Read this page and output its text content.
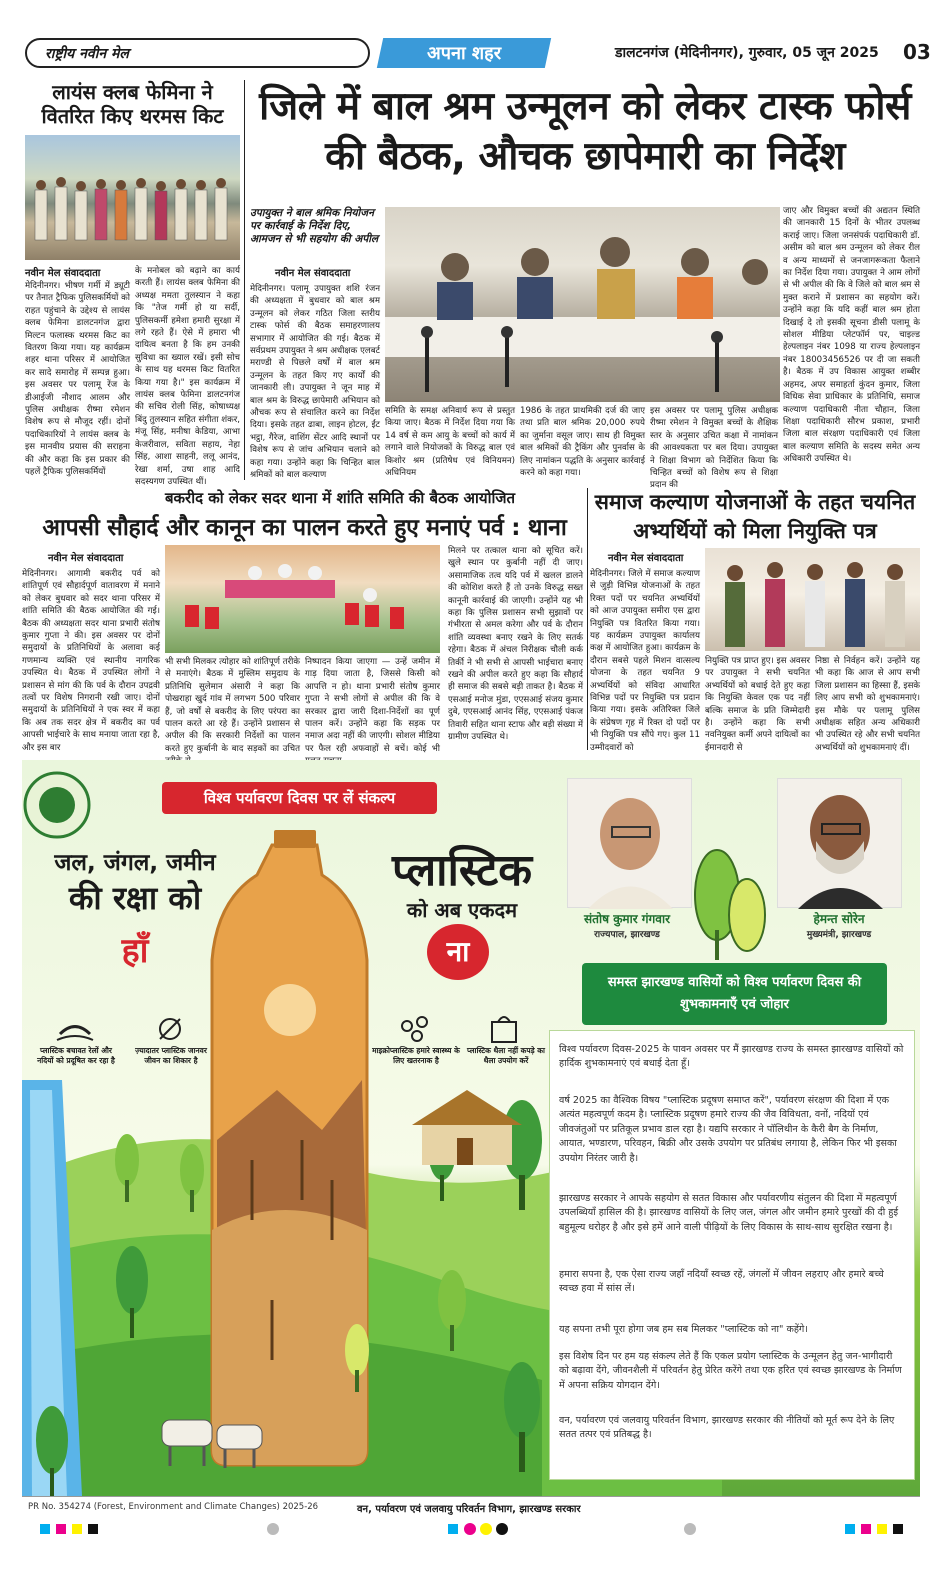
राष्ट्रीय नवीन मेल	अपना शहर	डालटनगंज (मेदिनीनगर), गुरुवार, 05 जून 2025 03
लायंस क्लब फेमिना ने वितरित किए थरमस किट
नवीन मेल संवाददाता
मेदिनीनगर। भीषण गर्मी में ड्यूटी पर तैनात ट्रैफिक पुलिसकर्मियों को राहत पहुंचाने के उद्देश्य से लायंस क्लब फेमिना डालटनगंज द्वारा मिल्टन फलास्क थरमस किट का वितरण किया गया। यह कार्यक्रम शहर थाना परिसर में आयोजित कर सादे समारोह में सम्पन्न हुआ। इस अवसर पर पलामू रेंज के डीआईजी नौशाद आलम और पुलिस अधीक्षक रीष्मा रमेशन विशेष रूप से मौजूद रहीं। दोनों पदाधिकारियों ने लायंस क्लब के इस मानवीय प्रयास की सराहना की और कहा कि इस प्रकार की पहलें ट्रैफिक पुलिसकर्मियों
के मनोबल को बढ़ाने का कार्य करती हैं। लायंस क्लब फेमिना की अध्यक्ष ममता तुलस्यान ने कहा कि "तेज गर्मी हो या सर्दी, पुलिसकर्मी हमेशा हमारी सुरक्षा में लगे रहते हैं। ऐसे में हमारा भी दायित्व बनता है कि हम उनकी सुविधा का ख्याल रखें। इसी सोच के साथ यह थरमस किट वितरित किया गया है।" इस कार्यक्रम में लायंस क्लब फेमिना डालटनगंज की सचिव रोली सिंह, कोषाध्यक्ष बिंदु तुलस्यान सहित संगीता शंकर, मंजू सिंह, मनीषा केडिया, आभा केजरीवाल, सविता सहाय, नेहा सिंह, आशा साहनी, ललू आनंद, रेखा शर्मा, उषा शाह आदि सदस्यगण उपस्थित थीं।
जिले में बाल श्रम उन्मूलन को लेकर टास्क फोर्स की बैठक, औचक छापेमारी का निर्देश
उपायुक्त ने बाल श्रमिक नियोजन पर कार्रवाई के निर्देश दिए, आमजन से भी सहयोग की अपील
नवीन मेल संवाददाता
मेदिनीनगर। पलामू उपायुक्त शशि रंजन की अध्यक्षता में बुधवार को बाल श्रम उन्मूलन को लेकर गठित जिला स्तरीय टास्क फोर्स की बैठक समाहरणालय सभागार में आयोजित की गई। बैठक में सर्वप्रथम उपायुक्त ने श्रम अधीक्षक एलबर्ट मराण्डी से पिछले वर्षों में बाल श्रम उन्मूलन के तहत किए गए कार्यों की जानकारी ली। उपायुक्त ने जून माह में बाल श्रम के विरुद्ध छापेमारी अभियान को औचक रूप से संचालित करने का निर्देश दिया। इसके तहत ढाबा, लाइन होटल, ईंट भट्ठा, गैरेज, वाशिंग सेंटर आदि स्थानों पर विशेष रूप से जांच अभियान चलाने को कहा गया। उन्होंने कहा कि चिन्हित बाल श्रमिकों को बाल कल्याण
समिति के समक्ष अनिवार्य रूप से प्रस्तुत किया जाए। बैठक में निर्देश दिया गया कि 14 वर्ष से कम आयु के बच्चों को कार्य में लगाने वाले नियोजकों के विरुद्ध बाल एवं किशोर श्रम (प्रतिषेध एवं विनियमन) अधिनियम
1986 के तहत प्राथमिकी दर्ज की जाए तथा प्रति बाल श्रमिक 20,000 रुपये का जुर्माना वसूल जाए। साथ ही विमुक्त बाल श्रमिकों की ट्रैकिंग और पुनर्वास के लिए नामांकन पद्धति के अनुसार कार्रवाई करने को कहा गया।
इस अवसर पर पलामू पुलिस अधीक्षक रीष्मा रमेशन ने विमुक्त बच्चों के शैक्षिक स्तर के अनुसार उचित कक्षा में नामांकन की आवश्यकता पर बल दिया। उपायुक्त ने शिक्षा विभाग को निर्देशित किया कि चिन्हित बच्चों को विशेष रूप से शिक्षा प्रदान की
जाए और विमुक्त बच्चों की अद्यतन स्थिति की जानकारी 15 दिनों के भीतर उपलब्ध कराई जाए। जिला जनसंपर्क पदाधिकारी डॉ. असीम को बाल श्रम उन्मूलन को लेकर रील व अन्य माध्यमों से जनजागरूकता फैलाने का निर्देश दिया गया। उपायुक्त ने आम लोगों से भी अपील की कि वे जिले को बाल श्रम से मुक्त कराने में प्रशासन का सहयोग करें। उन्होंने कहा कि यदि कहीं बाल श्रम होता दिखाई दे तो इसकी सूचना डीसी पलामू के सोशल मीडिया प्लेटफॉर्म पर, चाइल्ड हेल्पलाइन नंबर 1098 या राज्य हेल्पलाइन नंबर 18003456526 पर दी जा सकती है। बैठक में उप विकास आयुक्त शब्बीर अहमद, अपर समाहर्ता कुंदन कुमार, जिला विधिक सेवा प्राधिकार के प्रतिनिधि, समाज कल्याण पदाधिकारी नीता चौहान, जिला शिक्षा पदाधिकारी सौरभ प्रकाश, प्रभारी जिला बाल संरक्षण पदाधिकारी एवं जिला बाल कल्याण समिति के सदस्य समेत अन्य अधिकारी उपस्थित थे।
बकरीद को लेकर सदर थाना में शांति समिति की बैठक आयोजित
आपसी सौहार्द और कानून का पालन करते हुए मनाएं पर्व : थाना
नवीन मेल संवाददाता
मेदिनीनगर। आगामी बकरीद पर्व को शांतिपूर्ण एवं सौहार्दपूर्ण वातावरण में मनाने को लेकर बुधवार को सदर थाना परिसर में शांति समिति की बैठक आयोजित की गई। बैठक की अध्यक्षता सदर थाना प्रभारी संतोष कुमार गुप्ता ने की। इस अवसर पर दोनों समुदायों के प्रतिनिधियों के अलावा कई गणमान्य व्यक्ति एवं स्थानीय नागरिक उपस्थित थे। बैठक में उपस्थित लोगों ने प्रशासन से मांग की कि पर्व के दौरान उपद्रवी तत्वों पर विशेष निगरानी रखी जाए। दोनों समुदायों के प्रतिनिधियों ने एक स्वर में कहा कि अब तक सदर क्षेत्र में बकरीद का पर्व आपसी भाईचारे के साथ मनाया जाता रहा है, और इस बार
भी सभी मिलकर त्योहार को शांतिपूर्ण तरीके से मनाएंगे। बैठक में मुस्लिम समुदाय के प्रतिनिधि सुलेमान अंसारी ने कहा कि पोखराहा खुर्द गांव में लगभग 500 परिवार हैं, जो वर्षों से बकरीद के लिए परंपरा का पालन करते आ रहे हैं। उन्होंने प्रशासन से अपील की कि सरकारी निर्देशों का पालन करते हुए कुर्बानी के बाद सड़कों का उचित
निष्पादन किया जाएगा — उन्हें जमीन में गाड़ दिया जाता है, जिससे किसी को आपत्ति न हो। थाना प्रभारी संतोष कुमार गुप्ता ने सभी लोगों से अपील की कि वे सरकार द्वारा जारी दिशा-निर्देशों का पूर्ण पालन करें। उन्होंने कहा कि सड़क पर नमाज अदा नहीं की जाएगी। सोशल मीडिया पर फैल रही अफवाहों से बचें। कोई भी
मिलने पर तत्काल थाना को सूचित करें। खुले स्थान पर कुर्बानी नहीं दी जाए। असामाजिक तत्व यदि पर्व में खलल डालने की कोशिश करते हैं तो उनके विरुद्ध सख्त कानूनी कार्रवाई की जाएगी। उन्होंने यह भी कहा कि पुलिस प्रशासन सभी सुझावों पर गंभीरता से अमल करेगा और पर्व के दौरान शांति व्यवस्था बनाए रखने के लिए सतर्क रहेगा। बैठक में अंचल निरीक्षक चौली कर्क तिर्की ने भी सभी से आपसी भाईचारा बनाए रखने की अपील करते हुए कहा कि सौहार्द ही समाज की सबसे बड़ी ताकत है। बैठक में एसआई मनोज मुंडा, एएसआई संजय कुमार दुबे, एएसआई आनंद सिंह, एएसआई पंकज तिवारी सहित थाना स्टाफ और बड़ी संख्या में ग्रामीण उपस्थित थे।
समाज कल्याण योजनाओं के तहत चयनित अभ्यर्थियों को मिला नियुक्ति पत्र
नवीन मेल संवाददाता
मेदिनीनगर। जिले में समाज कल्याण से जुड़ी विभिन्न योजनाओं के तहत रिक्त पदों पर चयनित अभ्यर्थियों को आज उपायुक्त समीरा एस द्वारा नियुक्ति पत्र वितरित किया गया। यह कार्यक्रम उपायुक्त कार्यालय कक्ष में आयोजित हुआ। कार्यक्रम के दौरान सबसे पहले मिशन वात्सल्य योजना के तहत चयनित 9 अभ्यर्थियों को संविदा आधारित विभिन्न पदों पर नियुक्ति पत्र प्रदान किया गया। इसके अतिरिक्त जिले के संप्रेषण गृह में रिक्त दो पदों पर भी नियुक्ति पत्र सौंपे गए। कुल 11 उम्मीदवारों को
नियुक्ति पत्र प्राप्त हुए। इस अवसर पर उपायुक्त ने सभी चयनित अभ्यर्थियों को बधाई देते हुए कहा कि नियुक्ति केवल एक पद नहीं बल्कि समाज के प्रति जिम्मेदारी है। उन्होंने कहा कि सभी नवनियुक्त कर्मी अपने दायित्वों का ईमानदारी से
निष्ठा से निर्वहन करें। उन्होंने यह भी कहा कि आज से आप सभी जिला प्रशासन का हिस्सा हैं, इसके लिए आप सभी को शुभकामनाएं। इस मौके पर पलामू पुलिस अधीक्षक सहित अन्य अधिकारी भी उपस्थित रहे और सभी चयनित अभ्यर्थियों को शुभकामनाएं दीं।
विश्व पर्यावरण दिवस पर लें संकल्प
जल, जंगल, जमीन
की रक्षा को
हाँ
प्लास्टिक
को अब एकदम
ना
प्लास्टिक बचावत रेलों और नदियों को प्रदूषित कर रहा है
ज़्यादातर प्लास्टिक जानवर जीवन का शिकार है
माइक्रोप्लास्टिक हमारे स्वास्थ्य के लिए खतरनाक है
प्लास्टिक थैला नहीं कपड़े का थैला उपयोग करें
संतोष कुमार गंगवार
राज्यपाल, झारखण्ड
हेमन्त सोरेन
मुख्यमंत्री, झारखण्ड
समस्त झारखण्ड वासियों को विश्व पर्यावरण दिवस की शुभकामनाएँ एवं जोहार
विश्व पर्यावरण दिवस-2025 के पावन अवसर पर मैं झारखण्ड राज्य के समस्त झारखण्ड वासियों को हार्दिक शुभकामनाएं एवं बधाई देता हूँ।
वर्ष 2025 का वैश्विक विषय "प्लास्टिक प्रदूषण समाप्त करें", पर्यावरण संरक्षण की दिशा में एक अत्यंत महत्वपूर्ण कदम है। प्लास्टिक प्रदूषण हमारे राज्य की जैव विविधता, वनों, नदियों एवं जीवजंतुओं पर प्रतिकूल प्रभाव डाल रहा है। यद्यपि सरकार ने पॉलिथीन के कैरी बैग के निर्माण, आयात, भण्डारण, परिवहन, बिक्री और उसके उपयोग पर प्रतिबंध लगाया है, लेकिन फिर भी इसका उपयोग निरंतर जारी है।
झारखण्ड सरकार ने आपके सहयोग से सतत विकास और पर्यावरणीय संतुलन की दिशा में महत्वपूर्ण उपलब्धियाँ हासिल की है। झारखण्ड वासियों के लिए जल, जंगल और जमीन हमारे पुरखों की दी हुई बहुमूल्य धरोहर है और इसे हमें आने वाली पीढ़ियों के लिए विकास के साथ-साथ सुरक्षित रखना है।
हमारा सपना है, एक ऐसा राज्य जहाँ नदियाँ स्वच्छ रहें, जंगलों में जीवन लहराए और हमारे बच्चे स्वच्छ हवा में सांस लें।
यह सपना तभी पूरा होगा जब हम सब मिलकर "प्लास्टिक को ना" कहेंगे।
इस विशेष दिन पर हम यह संकल्प लेते हैं कि एकल प्रयोग प्लास्टिक के उन्मूलन हेतु जन-भागीदारी को बढ़ावा देंगे, जीवनशैली में परिवर्तन हेतु प्रेरित करेंगे तथा एक हरित एवं स्वच्छ झारखण्ड के निर्माण में अपना सक्रिय योगदान देंगे।
वन, पर्यावरण एवं जलवायु परिवर्तन विभाग, झारखण्ड सरकार की नीतियों को मूर्त रूप देने के लिए सतत तत्पर एवं प्रतिबद्ध है।
PR No. 354274 (Forest, Environment and Climate Changes) 2025-26	वन, पर्यावरण एवं जलवायु परिवर्तन विभाग, झारखण्ड सरकार
